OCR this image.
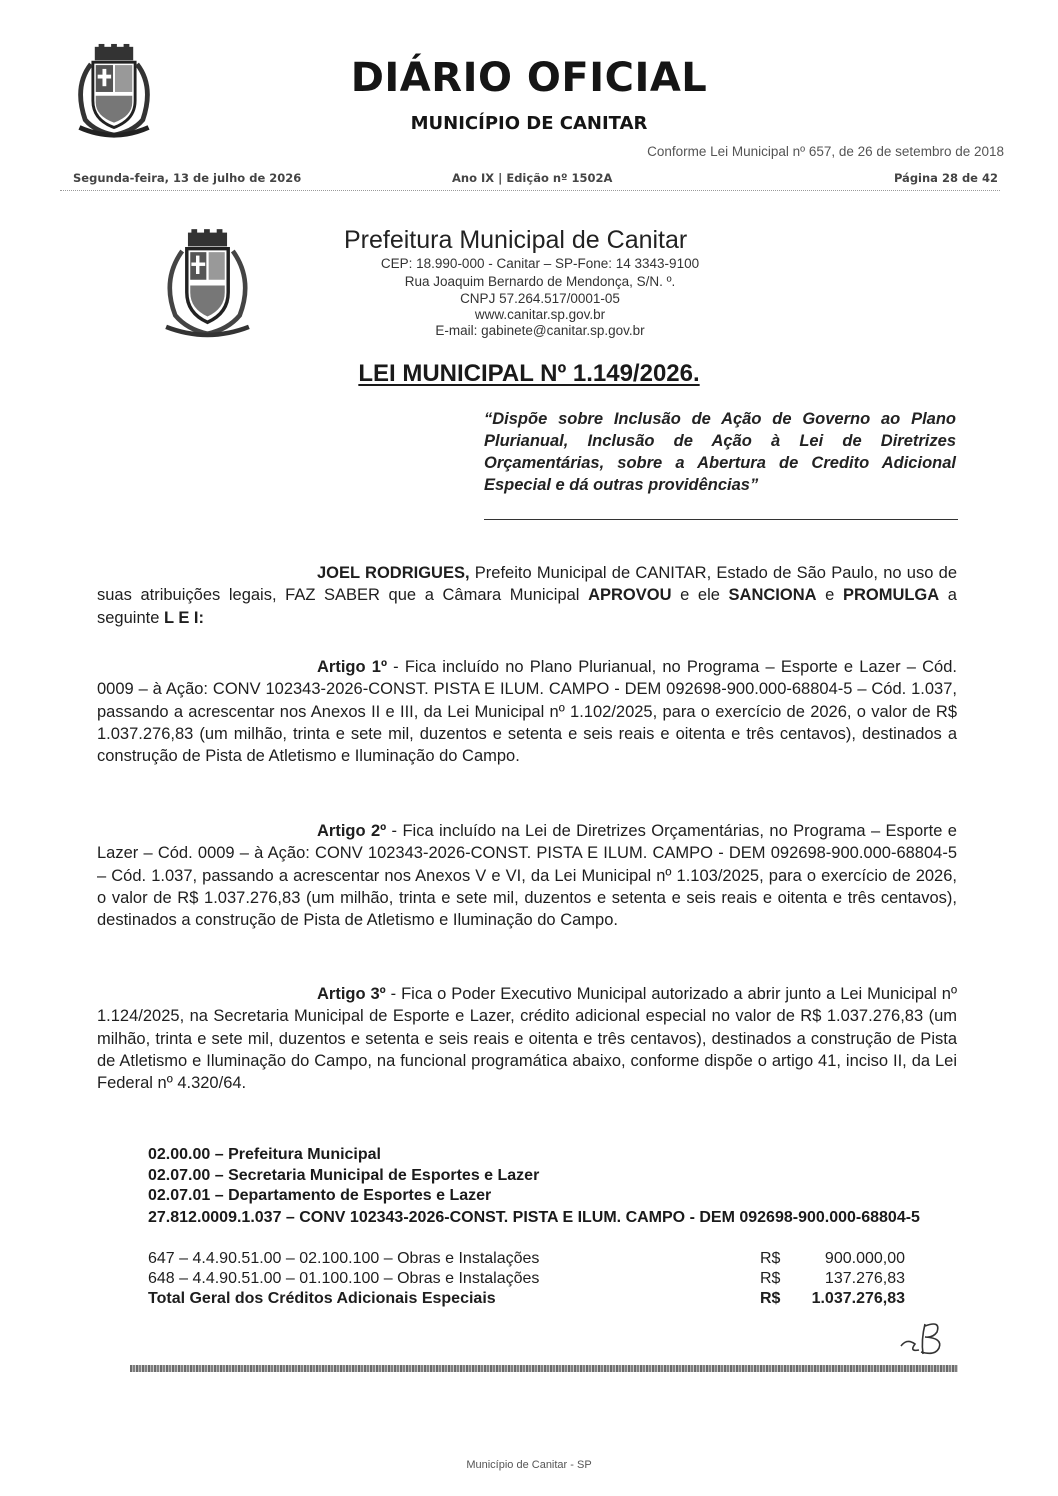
DIÁRIO OFICIAL
MUNICÍPIO DE CANITAR
Conforme Lei Municipal nº 657, de 26 de setembro de 2018
Segunda-feira, 13 de julho de 2026	Ano IX | Edição nº 1502A	Página 28 de 42
Prefeitura Municipal de Canitar
CEP: 18.990-000 - Canitar – SP-Fone: 14 3343-9100
Rua Joaquim Bernardo de Mendonça, S/N. º.
CNPJ 57.264.517/0001-05
www.canitar.sp.gov.br
E-mail: gabinete@canitar.sp.gov.br
LEI MUNICIPAL Nº 1.149/2026.
“Dispõe sobre Inclusão de Ação de Governo ao Plano Plurianual, Inclusão de Ação à Lei de Diretrizes Orçamentárias, sobre a Abertura de Credito Adicional Especial e dá outras providências”
JOEL RODRIGUES, Prefeito Municipal de CANITAR, Estado de São Paulo, no uso de suas atribuições legais, FAZ SABER que a Câmara Municipal APROVOU e ele SANCIONA e PROMULGA a seguinte L E I:
Artigo 1º - Fica incluído no Plano Plurianual, no Programa – Esporte e Lazer – Cód. 0009 – à Ação: CONV 102343-2026-CONST. PISTA E ILUM. CAMPO - DEM 092698-900.000-68804-5 – Cód. 1.037, passando a acrescentar nos Anexos II e III, da Lei Municipal nº 1.102/2025, para o exercício de 2026, o valor de R$ 1.037.276,83 (um milhão, trinta e sete mil, duzentos e setenta e seis reais e oitenta e três centavos), destinados a construção de Pista de Atletismo e Iluminação do Campo.
Artigo 2º - Fica incluído na Lei de Diretrizes Orçamentárias, no Programa – Esporte e Lazer – Cód. 0009 – à Ação: CONV 102343-2026-CONST. PISTA E ILUM. CAMPO - DEM 092698-900.000-68804-5 – Cód. 1.037, passando a acrescentar nos Anexos V e VI, da Lei Municipal nº 1.103/2025, para o exercício de 2026, o valor de R$ 1.037.276,83 (um milhão, trinta e sete mil, duzentos e setenta e seis reais e oitenta e três centavos), destinados a construção de Pista de Atletismo e Iluminação do Campo.
Artigo 3º - Fica o Poder Executivo Municipal autorizado a abrir junto a Lei Municipal nº 1.124/2025, na Secretaria Municipal de Esporte e Lazer, crédito adicional especial no valor de R$ 1.037.276,83 (um milhão, trinta e sete mil, duzentos e setenta e seis reais e oitenta e três centavos), destinados a construção de Pista de Atletismo e Iluminação do Campo, na funcional programática abaixo, conforme dispõe o artigo 41, inciso II, da Lei Federal nº 4.320/64.
02.00.00 – Prefeitura Municipal
02.07.00 – Secretaria Municipal de Esportes e Lazer
02.07.01 – Departamento de Esportes e Lazer
27.812.0009.1.037 – CONV 102343-2026-CONST. PISTA E ILUM. CAMPO - DEM 092698-900.000-68804-5
647 – 4.4.90.51.00 – 02.100.100 – Obras e Instalações	R$	900.000,00
648 – 4.4.90.51.00 – 01.100.100 – Obras e Instalações	R$	137.276,83
Total Geral dos Créditos Adicionais Especiais	R$ 1.037.276,83
Município de Canitar - SP
